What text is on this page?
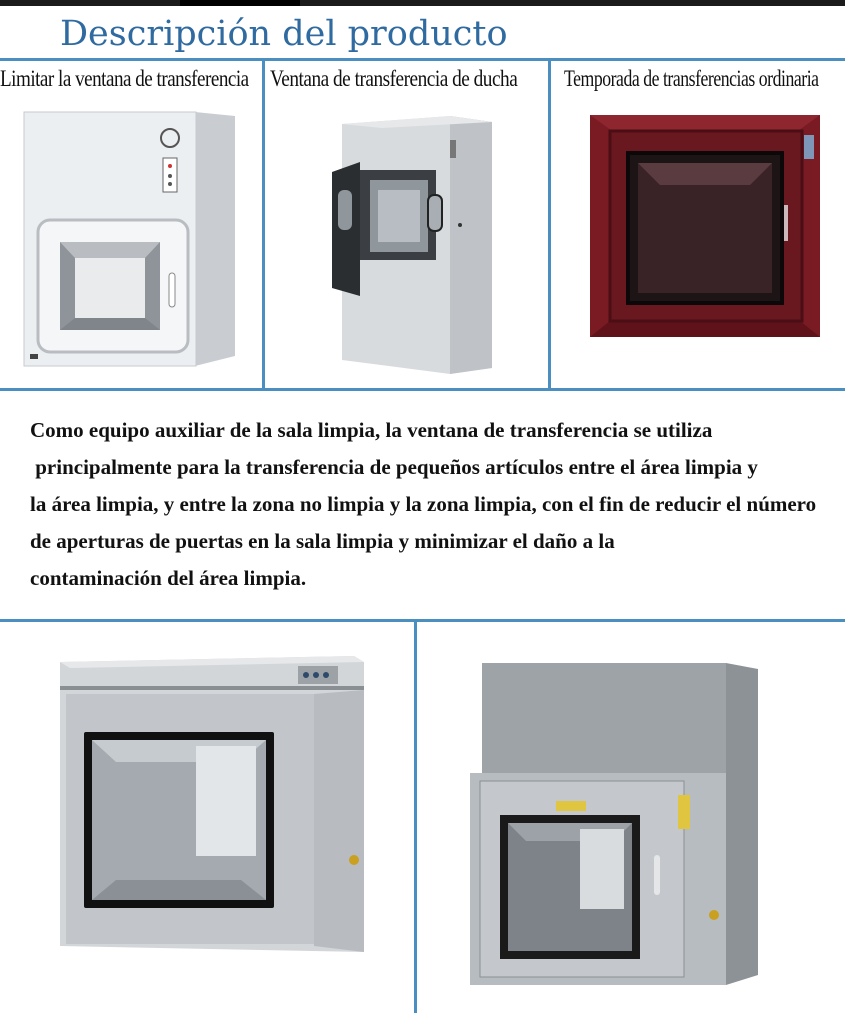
Descripción del producto
Limitar la ventana de transferencia Ventana de transferencia de ducha Temporada de transferencias ordinaria
Como equipo auxiliar de la sala limpia, la ventana de transferencia se utiliza
principalmente para la transferencia de pequeños artículos entre el área limpia y
la área limpia, y entre la zona no limpia y la zona limpia, con el fin de reducir el número
de aperturas de puertas en la sala limpia y minimizar el daño a la
contaminación del área limpia.
